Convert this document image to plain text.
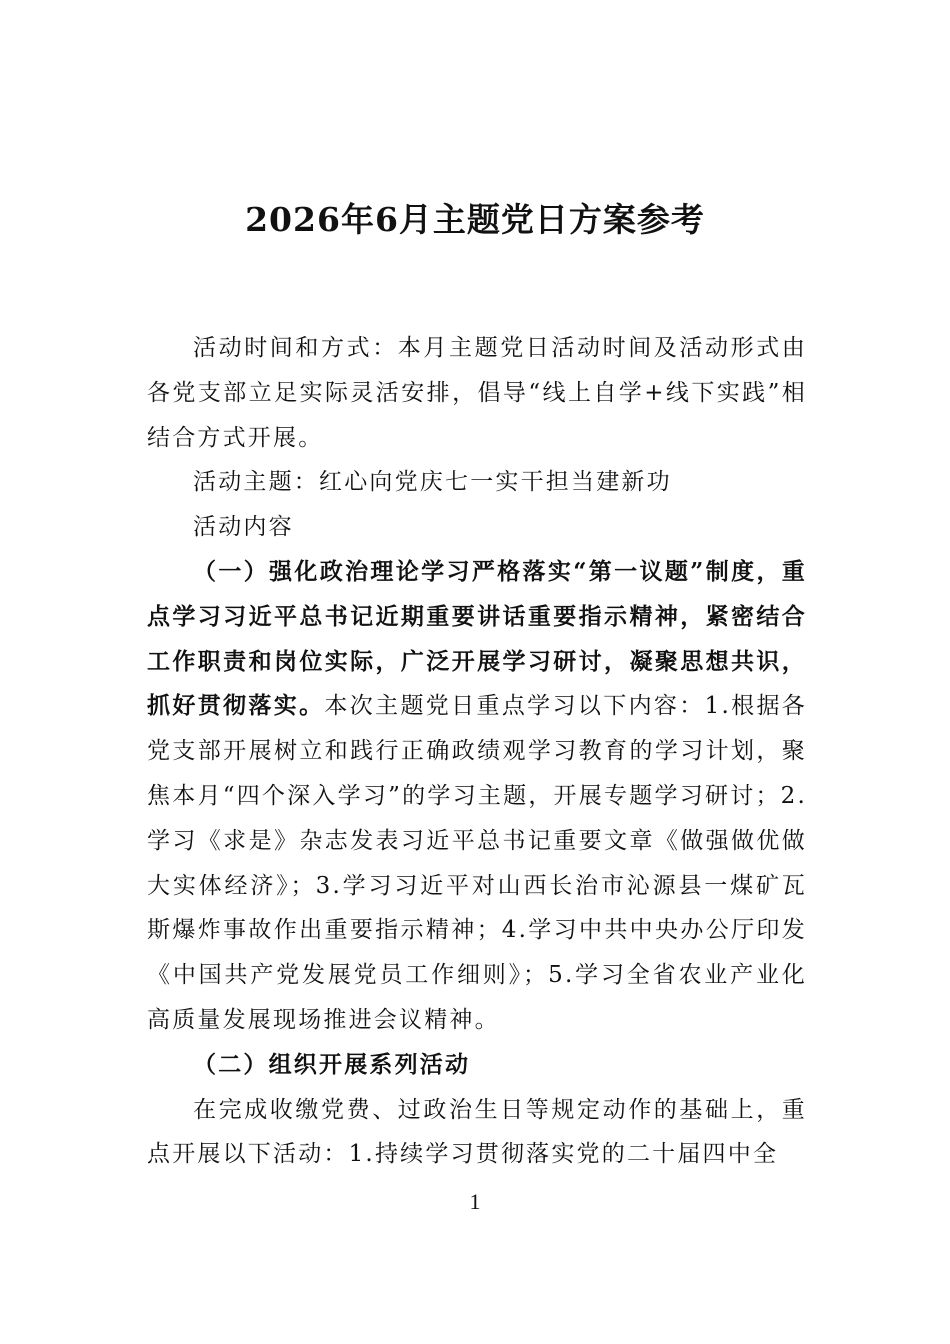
2026年6月主题党日方案参考

活动时间和方式：本月主题党日活动时间及活动形式由各党支部立足实际灵活安排，倡导“线上自学+线下实践”相结合方式开展。

活动主题：红心向党庆七一实干担当建新功

活动内容

（一）强化政治理论学习严格落实“第一议题”制度，重点学习习近平总书记近期重要讲话重要指示精神，紧密结合工作职责和岗位实际，广泛开展学习研讨，凝聚思想共识，抓好贯彻落实。本次主题党日重点学习以下内容：1.根据各党支部开展树立和践行正确政绩观学习教育的学习计划，聚焦本月“四个深入学习”的学习主题，开展专题学习研讨；2.学习《求是》杂志发表习近平总书记重要文章《做强做优做大实体经济》；3.学习习近平对山西长治市沁源县一煤矿瓦斯爆炸事故作出重要指示精神；4.学习中共中央办公厅印发《中国共产党发展党员工作细则》；5.学习全省农业产业化高质量发展现场推进会议精神。

（二）组织开展系列活动

在完成收缴党费、过政治生日等规定动作的基础上，重点开展以下活动：1.持续学习贯彻落实党的二十届四中全

1
